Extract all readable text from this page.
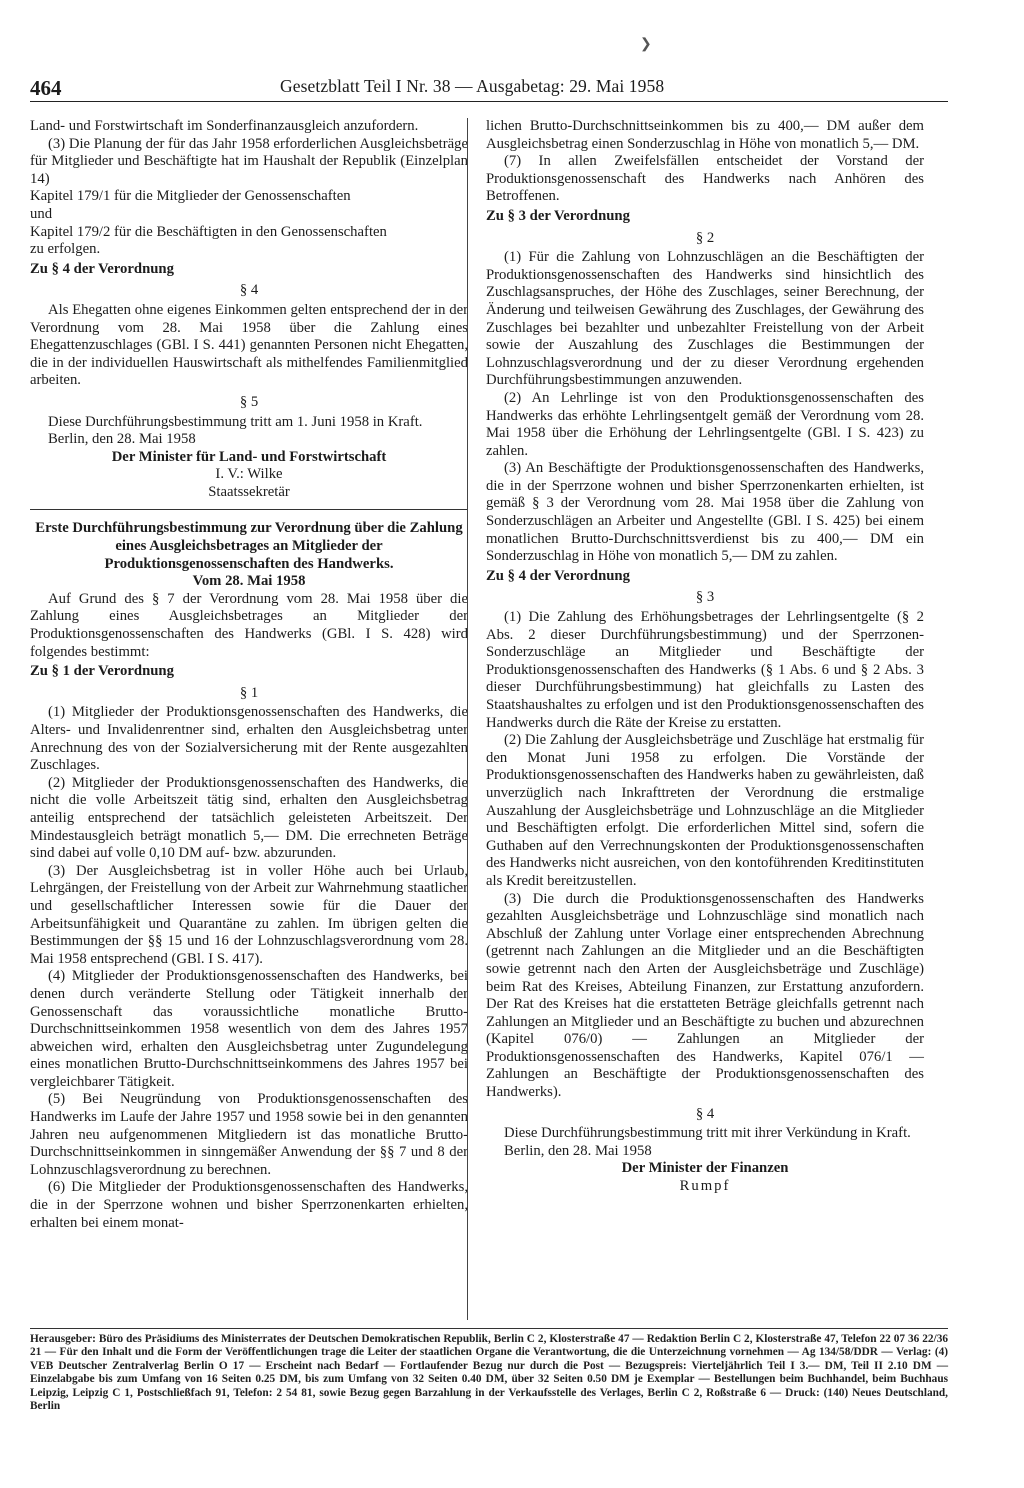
❯
464	Gesetzblatt Teil I Nr. 38 — Ausgabetag: 29. Mai 1958

Land- und Forstwirtschaft im Sonderfinanzausgleich anzufordern.

(3) Die Planung der für das Jahr 1958 erforderlichen Ausgleichsbeträge für Mitglieder und Beschäftigte hat im Haushalt der Republik (Einzelplan 14)

Kapitel 179/1 für die Mitglieder der Genossenschaften

und

Kapitel 179/2 für die Beschäftigten in den Genossenschaften

zu erfolgen.

Zu § 4 der Verordnung

§ 4

Als Ehegatten ohne eigenes Einkommen gelten entsprechend der in der Verordnung vom 28. Mai 1958 über die Zahlung eines Ehegattenzuschlages (GBl. I S. 441) genannten Personen nicht Ehegatten, die in der individuellen Hauswirtschaft als mithelfendes Familienmitglied arbeiten.

§ 5

Diese Durchführungsbestimmung tritt am 1. Juni 1958 in Kraft.

Berlin, den 28. Mai 1958

Der Minister für Land- und Forstwirtschaft

I. V.: Wilke

Staatssekretär

Erste Durchführungsbestimmung zur Verordnung über die Zahlung eines Ausgleichsbetrages an Mitglieder der Produktionsgenossenschaften des Handwerks.

Vom 28. Mai 1958

Auf Grund des § 7 der Verordnung vom 28. Mai 1958 über die Zahlung eines Ausgleichsbetrages an Mitglieder der Produktionsgenossenschaften des Handwerks (GBl. I S. 428) wird folgendes bestimmt:

Zu § 1 der Verordnung

§ 1

(1) Mitglieder der Produktionsgenossenschaften des Handwerks, die Alters- und Invalidenrentner sind, erhalten den Ausgleichsbetrag unter Anrechnung des von der Sozialversicherung mit der Rente ausgezahlten Zuschlages.

(2) Mitglieder der Produktionsgenossenschaften des Handwerks, die nicht die volle Arbeitszeit tätig sind, erhalten den Ausgleichsbetrag anteilig entsprechend der tatsächlich geleisteten Arbeitszeit. Der Mindestausgleich beträgt monatlich 5,— DM. Die errechneten Beträge sind dabei auf volle 0,10 DM auf- bzw. abzurunden.

(3) Der Ausgleichsbetrag ist in voller Höhe auch bei Urlaub, Lehrgängen, der Freistellung von der Arbeit zur Wahrnehmung staatlicher und gesellschaftlicher Interessen sowie für die Dauer der Arbeitsunfähigkeit und Quarantäne zu zahlen. Im übrigen gelten die Bestimmungen der §§ 15 und 16 der Lohnzuschlagsverordnung vom 28. Mai 1958 entsprechend (GBl. I S. 417).

(4) Mitglieder der Produktionsgenossenschaften des Handwerks, bei denen durch veränderte Stellung oder Tätigkeit innerhalb der Genossenschaft das voraussichtliche monatliche Brutto-Durchschnittseinkommen 1958 wesentlich von dem des Jahres 1957 abweichen wird, erhalten den Ausgleichsbetrag unter Zugundelegung eines monatlichen Brutto-Durchschnittseinkommens des Jahres 1957 bei vergleichbarer Tätigkeit.

(5) Bei Neugründung von Produktionsgenossenschaften des Handwerks im Laufe der Jahre 1957 und 1958 sowie bei in den genannten Jahren neu aufgenommenen Mitgliedern ist das monatliche Brutto-Durchschnittseinkommen in sinngemäßer Anwendung der §§ 7 und 8 der Lohnzuschlagsverordnung zu berechnen.

(6) Die Mitglieder der Produktionsgenossenschaften des Handwerks, die in der Sperrzone wohnen und bisher Sperrzonenkarten erhielten, erhalten bei einem monat-

lichen Brutto-Durchschnittseinkommen bis zu 400,— DM außer dem Ausgleichsbetrag einen Sonderzuschlag in Höhe von monatlich 5,— DM.

(7) In allen Zweifelsfällen entscheidet der Vorstand der Produktionsgenossenschaft des Handwerks nach Anhören des Betroffenen.

Zu § 3 der Verordnung

§ 2

(1) Für die Zahlung von Lohnzuschlägen an die Beschäftigten der Produktionsgenossenschaften des Handwerks sind hinsichtlich des Zuschlagsanspruches, der Höhe des Zuschlages, seiner Berechnung, der Änderung und teilweisen Gewährung des Zuschlages, der Gewährung des Zuschlages bei bezahlter und unbezahlter Freistellung von der Arbeit sowie der Auszahlung des Zuschlages die Bestimmungen der Lohnzuschlagsverordnung und der zu dieser Verordnung ergehenden Durchführungsbestimmungen anzuwenden.

(2) An Lehrlinge ist von den Produktionsgenossenschaften des Handwerks das erhöhte Lehrlingsentgelt gemäß der Verordnung vom 28. Mai 1958 über die Erhöhung der Lehrlingsentgelte (GBl. I S. 423) zu zahlen.

(3) An Beschäftigte der Produktionsgenossenschaften des Handwerks, die in der Sperrzone wohnen und bisher Sperrzonenkarten erhielten, ist gemäß § 3 der Verordnung vom 28. Mai 1958 über die Zahlung von Sonderzuschlägen an Arbeiter und Angestellte (GBl. I S. 425) bei einem monatlichen Brutto-Durchschnittsverdienst bis zu 400,— DM ein Sonderzuschlag in Höhe von monatlich 5,— DM zu zahlen.

Zu § 4 der Verordnung

§ 3

(1) Die Zahlung des Erhöhungsbetrages der Lehrlingsentgelte (§ 2 Abs. 2 dieser Durchführungsbestimmung) und der Sperrzonen-Sonderzuschläge an Mitglieder und Beschäftigte der Produktionsgenossenschaften des Handwerks (§ 1 Abs. 6 und § 2 Abs. 3 dieser Durchführungsbestimmung) hat gleichfalls zu Lasten des Staatshaushaltes zu erfolgen und ist den Produktionsgenossenschaften des Handwerks durch die Räte der Kreise zu erstatten.

(2) Die Zahlung der Ausgleichsbeträge und Zuschläge hat erstmalig für den Monat Juni 1958 zu erfolgen. Die Vorstände der Produktionsgenossenschaften des Handwerks haben zu gewährleisten, daß unverzüglich nach Inkrafttreten der Verordnung die erstmalige Auszahlung der Ausgleichsbeträge und Lohnzuschläge an die Mitglieder und Beschäftigten erfolgt. Die erforderlichen Mittel sind, sofern die Guthaben auf den Verrechnungskonten der Produktionsgenossenschaften des Handwerks nicht ausreichen, von den kontoführenden Kreditinstituten als Kredit bereitzustellen.

(3) Die durch die Produktionsgenossenschaften des Handwerks gezahlten Ausgleichsbeträge und Lohnzuschläge sind monatlich nach Abschluß der Zahlung unter Vorlage einer entsprechenden Abrechnung (getrennt nach Zahlungen an die Mitglieder und an die Beschäftigten sowie getrennt nach den Arten der Ausgleichsbeträge und Zuschläge) beim Rat des Kreises, Abteilung Finanzen, zur Erstattung anzufordern. Der Rat des Kreises hat die erstatteten Beträge gleichfalls getrennt nach Zahlungen an Mitglieder und an Beschäftigte zu buchen und abzurechnen (Kapitel 076/0) — Zahlungen an Mitglieder der Produktionsgenossenschaften des Handwerks, Kapitel 076/1 — Zahlungen an Beschäftigte der Produktionsgenossenschaften des Handwerks).

§ 4

Diese Durchführungsbestimmung tritt mit ihrer Verkündung in Kraft.

Berlin, den 28. Mai 1958

Der Minister der Finanzen

Rumpf

Herausgeber: Büro des Präsidiums des Ministerrates der Deutschen Demokratischen Republik, Berlin C 2, Klosterstraße 47 — Redaktion Berlin C 2, Klosterstraße 47, Telefon 22 07 36 22/36 21 — Für den Inhalt und die Form der Veröffentlichungen trage die Leiter der staatlichen Organe die Verantwortung, die die Unterzeichnung vornehmen — Ag 134/58/DDR — Verlag: (4) VEB Deutscher Zentralverlag Berlin O 17 — Erscheint nach Bedarf — Fortlaufender Bezug nur durch die Post — Bezugspreis: Vierteljährlich Teil I 3.— DM, Teil II 2.10 DM — Einzelabgabe bis zum Umfang von 16 Seiten 0.25 DM, bis zum Umfang von 32 Seiten 0.40 DM, über 32 Seiten 0.50 DM je Exemplar — Bestellungen beim Buchhandel, beim Buchhaus Leipzig, Leipzig C 1, Postschließfach 91, Telefon: 2 54 81, sowie Bezug gegen Barzahlung in der Verkaufsstelle des Verlages, Berlin C 2, Roßstraße 6 — Druck: (140) Neues Deutschland, Berlin
